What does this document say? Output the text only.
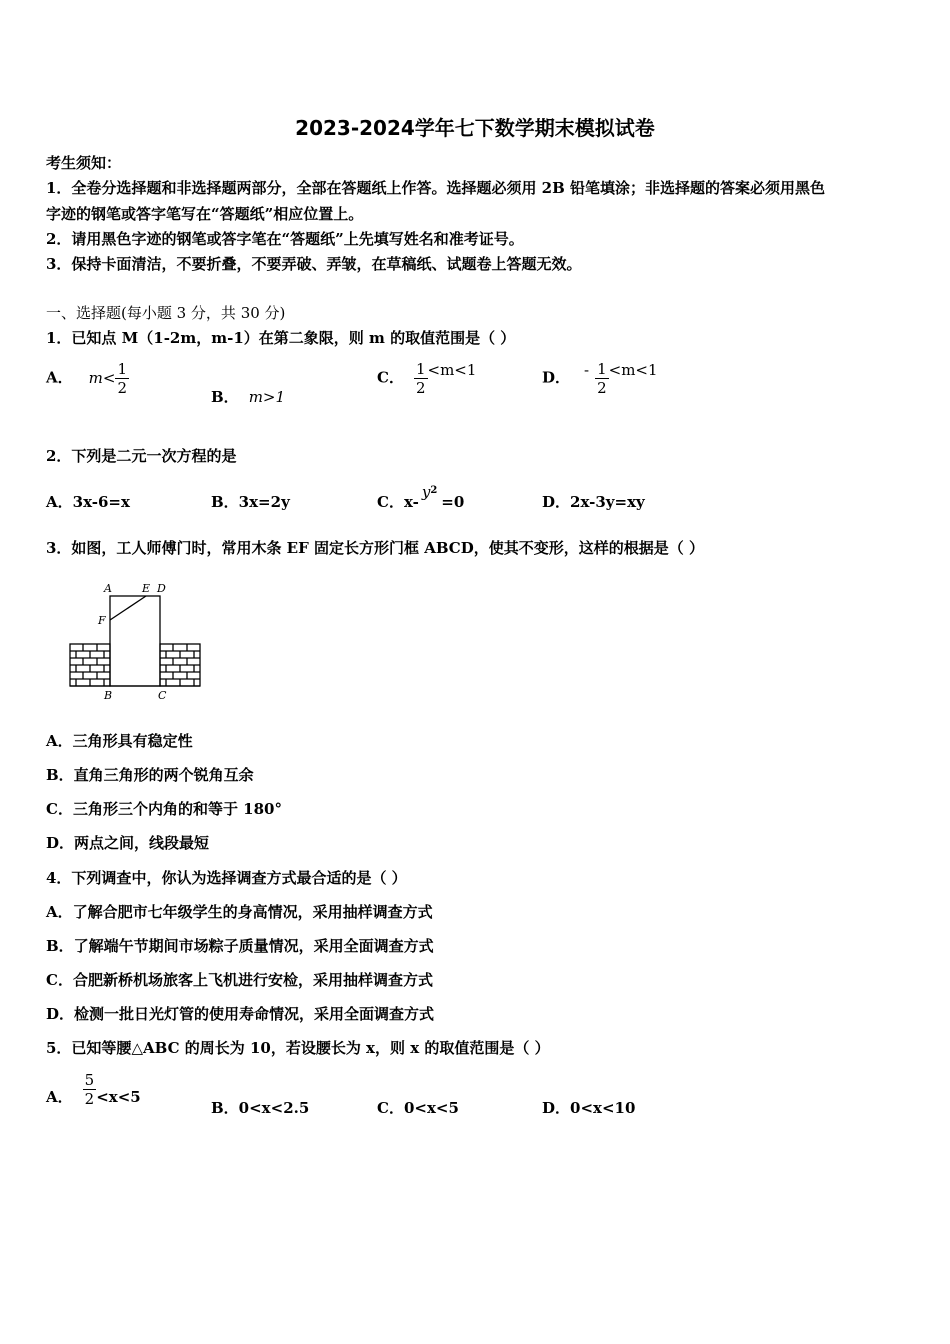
2023-2024学年七下数学期末模拟试卷
考生须知：
1．全卷分选择题和非选择题两部分，全部在答题纸上作答。选择题必须用 2B 铅笔填涂；非选择题的答案必须用黑色
字迹的钢笔或答字笔写在“答题纸”相应位置上。
2．请用黑色字迹的钢笔或答字笔在“答题纸”上先填写姓名和准考证号。
3．保持卡面清洁，不要折叠，不要弄破、弄皱，在草稿纸、试题卷上答题无效。
一、选择题(每小题 3 分，共 30 分)
1．已知点 M（1-2m，m-1）在第二象限，则 m 的取值范围是（ ）
A． $m< \frac{1}{2}$	B． m>1
C． $\frac{1}{2} <m<1$	D． - $\frac{1}{2} <m<1$
2．下列是二元一次方程的是
A．3x-6=x	B．3x=2y	C．$x-y^2=0$	D．2x-3y=xy
3．如图，工人师傅门时，常用木条 EF 固定长方形门框 ABCD，使其不变形，这样的根据是（ ）
A	E D
F
B	C
A．三角形具有稳定性
B．直角三角形的两个锐角互余
C．三角形三个内角的和等于 180°
D．两点之间，线段最短
4．下列调查中，你认为选择调查方式最合适的是（ ）
A．了解合肥市七年级学生的身高情况，采用抽样调查方式
B．了解端午节期间市场粽子质量情况，采用全面调查方式
C．合肥新桥机场旅客上飞机进行安检，采用抽样调查方式
D．检测一批日光灯管的使用寿命情况，采用全面调查方式
5．已知等腰△ABC 的周长为 10，若设腰长为 x，则 x 的取值范围是（ ）
A． $\frac{5}{2} <x<5$
B．0<x<2.5	C．0<x<5	D．0<x<10
